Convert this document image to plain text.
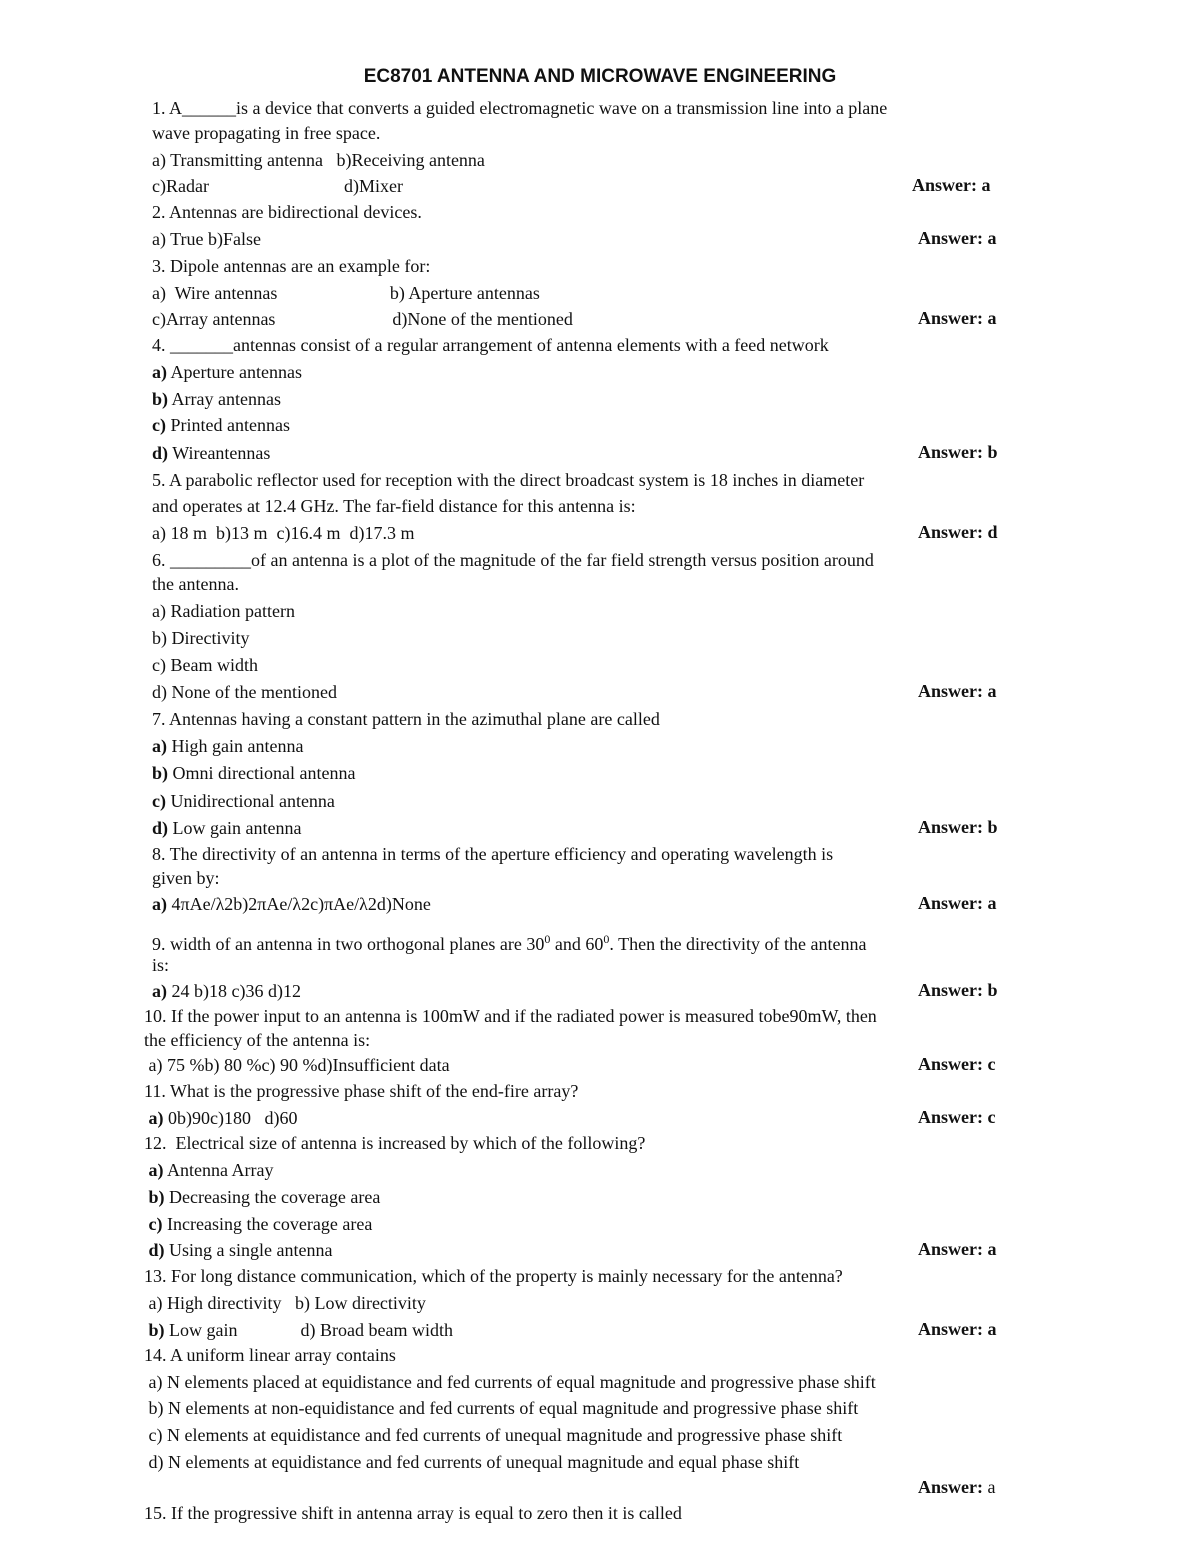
EC8701 ANTENNA AND MICROWAVE ENGINEERING
1. A______is a device that converts a guided electromagnetic wave on a transmission line into a plane
wave propagating in free space.
a) Transmitting antenna   b)Receiving antenna
c)Radar                              d)Mixer	Answer: a
2. Antennas are bidirectional devices.
a) True b)False	Answer: a
3. Dipole antennas are an example for:
a)  Wire antennas                         b) Aperture antennas
c)Array antennas                          d)None of the mentioned	Answer: a
4. _______antennas consist of a regular arrangement of antenna elements with a feed network
a) Aperture antennas
b) Array antennas
c) Printed antennas
d) Wireantennas	Answer: b
5. A parabolic reflector used for reception with the direct broadcast system is 18 inches in diameter
and operates at 12.4 GHz. The far-field distance for this antenna is:
a) 18 m  b)13 m  c)16.4 m  d)17.3 m	Answer: d
6. _________of an antenna is a plot of the magnitude of the far field strength versus position around
the antenna.
a) Radiation pattern
b) Directivity
c) Beam width
d) None of the mentioned	Answer: a
7. Antennas having a constant pattern in the azimuthal plane are called
a) High gain antenna
b) Omni directional antenna
c) Unidirectional antenna
d) Low gain antenna	Answer: b
8. The directivity of an antenna in terms of the aperture efficiency and operating wavelength is
given by:
a) 4πAe/λ2b)2πAe/λ2c)πAe/λ2d)None	Answer: a
9. width of an antenna in two orthogonal planes are $30^0$ and $60^0$. Then the directivity of the antenna
is:
a) 24 b)18 c)36 d)12	Answer: b
10. If the power input to an antenna is 100mW and if the radiated power is measured tobe90mW, then
the efficiency of the antenna is:
a) 75 %b) 80 %c) 90 %d)Insufficient data	Answer: c
11. What is the progressive phase shift of the end-fire array?
a) 0b)90c)180   d)60	Answer: c
12.  Electrical size of antenna is increased by which of the following?
a) Antenna Array
b) Decreasing the coverage area
c) Increasing the coverage area
d) Using a single antenna	Answer: a
13. For long distance communication, which of the property is mainly necessary for the antenna?
a) High directivity   b) Low directivity
b) Low gain              d) Broad beam width	Answer: a
14. A uniform linear array contains
a) N elements placed at equidistance and fed currents of equal magnitude and progressive phase shift
b) N elements at non-equidistance and fed currents of equal magnitude and progressive phase shift
c) N elements at equidistance and fed currents of unequal magnitude and progressive phase shift
d) N elements at equidistance and fed currents of unequal magnitude and equal phase shift
Answer: a
15. If the progressive shift in antenna array is equal to zero then it is called
